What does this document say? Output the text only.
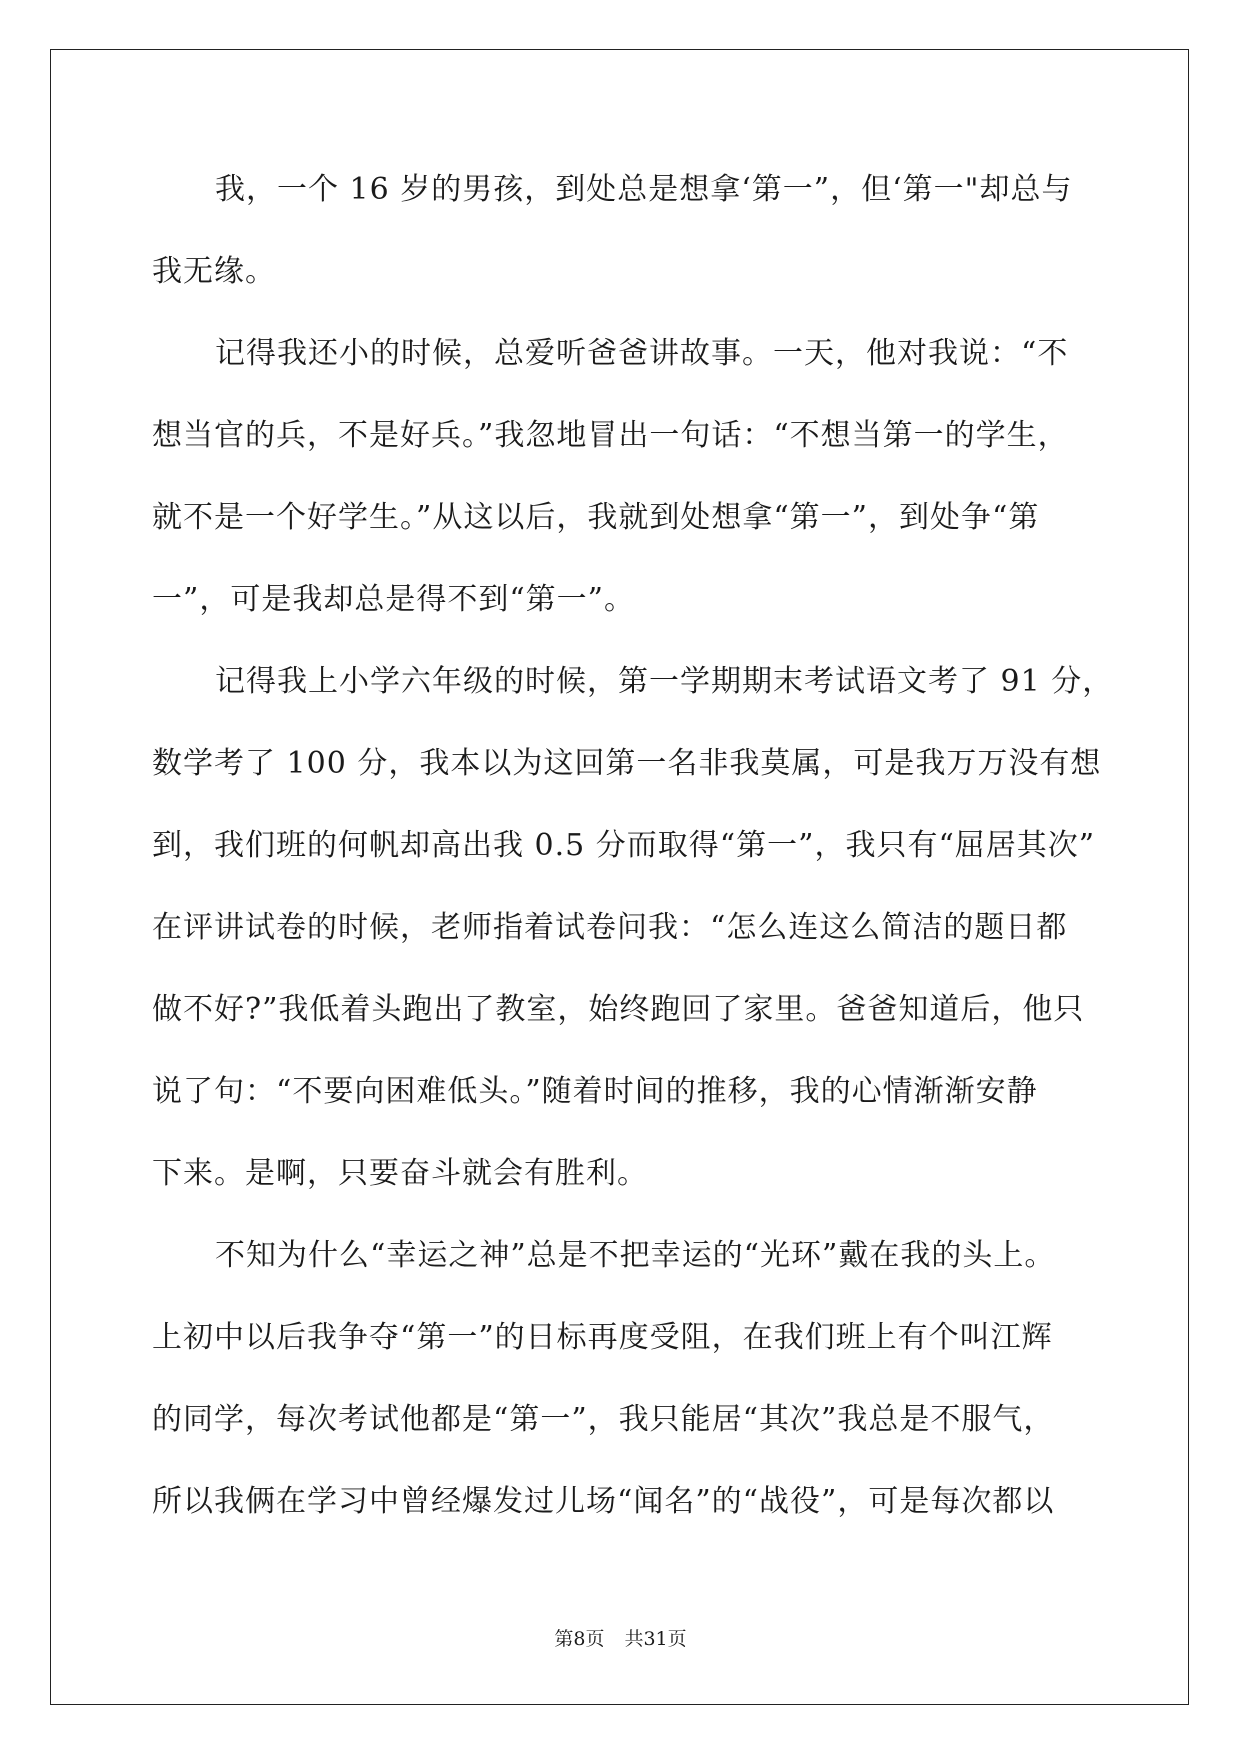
我，一个 16 岁的男孩，到处总是想拿‘第一”，但‘第一"却总与
我无缘。
记得我还小的时候，总爱听爸爸讲故事。一天，他对我说：“不
想当官的兵，不是好兵。”我忽地冒出一句话：“不想当第一的学生，
就不是一个好学生。”从这以后，我就到处想拿“第一”，到处争“第
一”，可是我却总是得不到“第一”。
记得我上小学六年级的时候，第一学期期末考试语文考了 91 分，
数学考了 100 分，我本以为这回第一名非我莫属，可是我万万没有想
到，我们班的何帆却高出我 0.5 分而取得“第一”，我只有“屈居其次”
在评讲试卷的时候，老师指着试卷问我：“怎么连这么简洁的题日都
做不好?”我低着头跑出了教室，始终跑回了家里。爸爸知道后，他只
说了句：“不要向困难低头。”随着时间的推移，我的心情渐渐安静
下来。是啊，只要奋斗就会有胜利。
不知为什么“幸运之神”总是不把幸运的“光环”戴在我的头上。
上初中以后我争夺“第一”的日标再度受阻，在我们班上有个叫江辉
的同学，每次考试他都是“第一”，我只能居“其次”我总是不服气，
所以我俩在学习中曾经爆发过儿场“闻名”的“战役”，可是每次都以
第8页 共31页
